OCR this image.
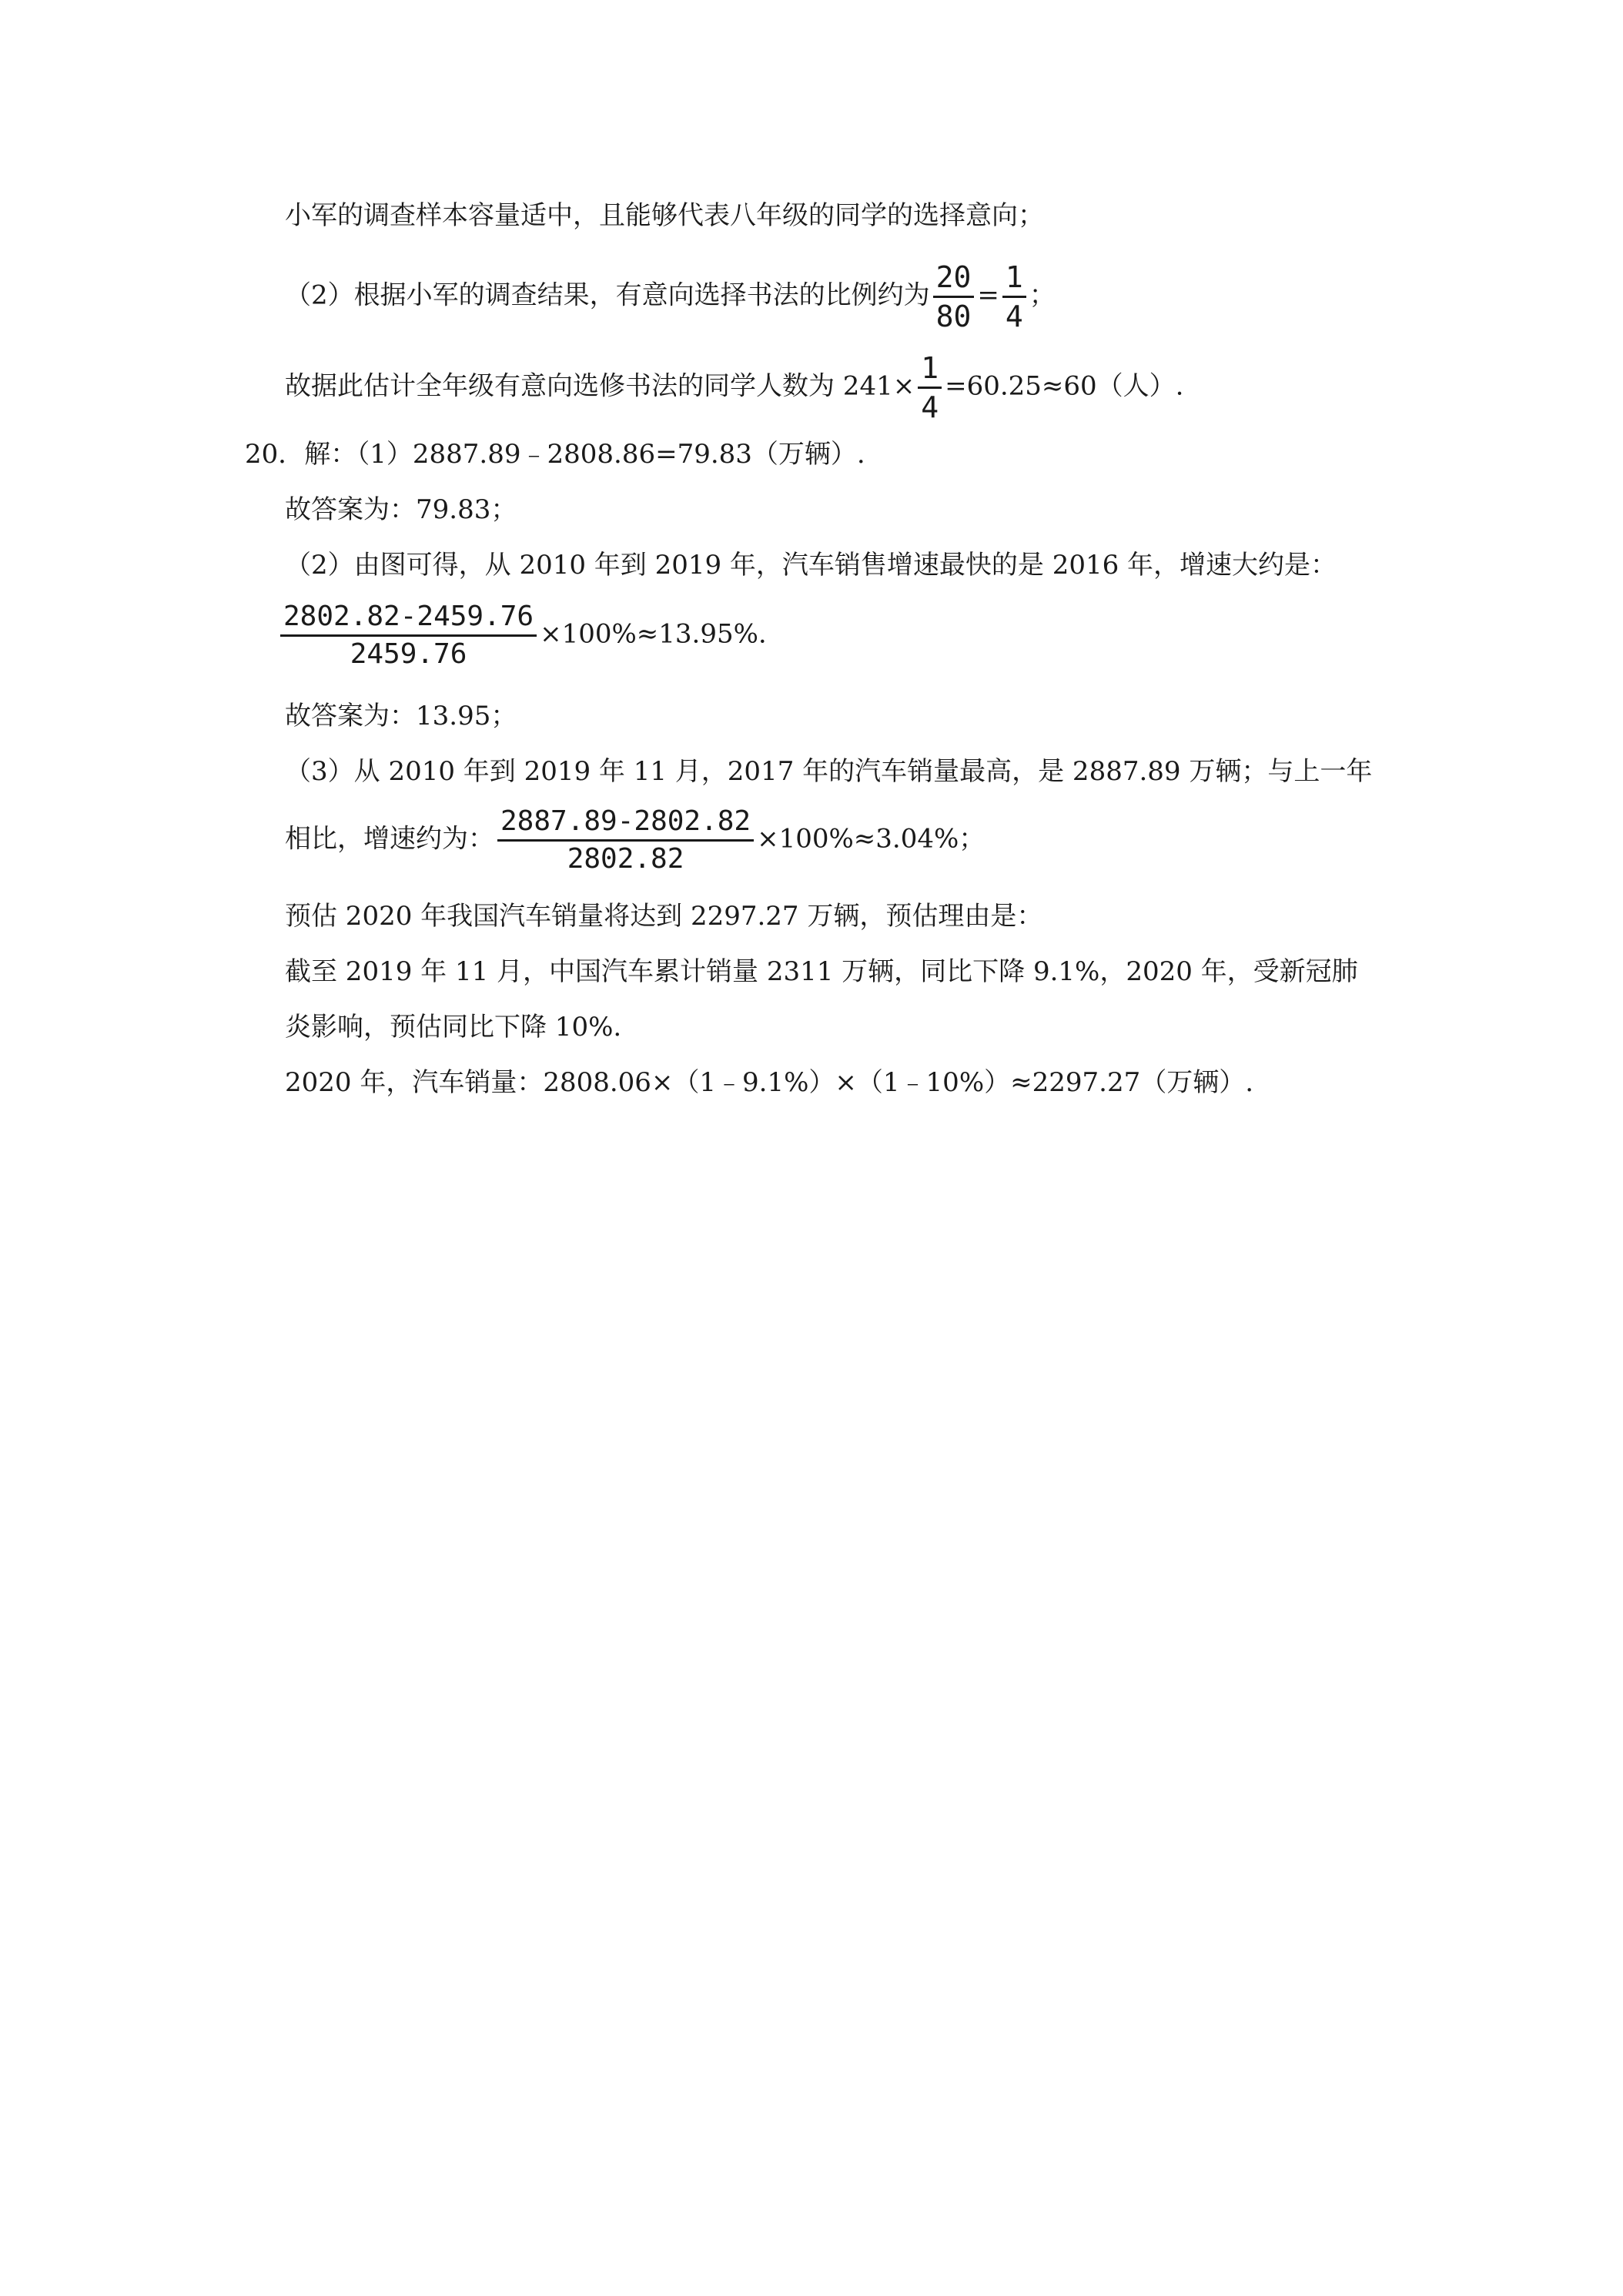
小军的调查样本容量适中，且能够代表八年级的同学的选择意向；
（2）根据小军的调查结果，有意向选择书法的比例约为 $\frac{20}{80} = \frac{1}{4}$ ；
故据此估计全年级有意向选修书法的同学人数为 $241\times \frac{1}{4} =60.25\approx 60$（人）.
20．解：（1）2887.89﹣2808.86=79.83（万辆）.
故答案为：79.83；
（2）由图可得，从 2010 年到 2019 年，汽车销售增速最快的是 2016 年，增速大约是：
$\frac{2802.82-2459.76}{2459.76} \times 100\%\approx 13.95\%$.
故答案为：13.95；
（3）从 2010 年到 2019 年 11 月，2017 年的汽车销量最高，是 2887.89 万辆；与上一年
相比，增速约为： $\frac{2887.89-2802.82}{2802.82} \times 100\%\approx 3.04\%$；
预估 2020 年我国汽车销量将达到 2297.27 万辆，预估理由是：
截至 2019 年 11 月，中国汽车累计销量 2311 万辆，同比下降 9.1%，2020 年，受新冠肺
炎影响，预估同比下降 10%.
2020 年，汽车销量：2808.06×（1﹣9.1%）×（1﹣10%）≈2297.27（万辆）.
